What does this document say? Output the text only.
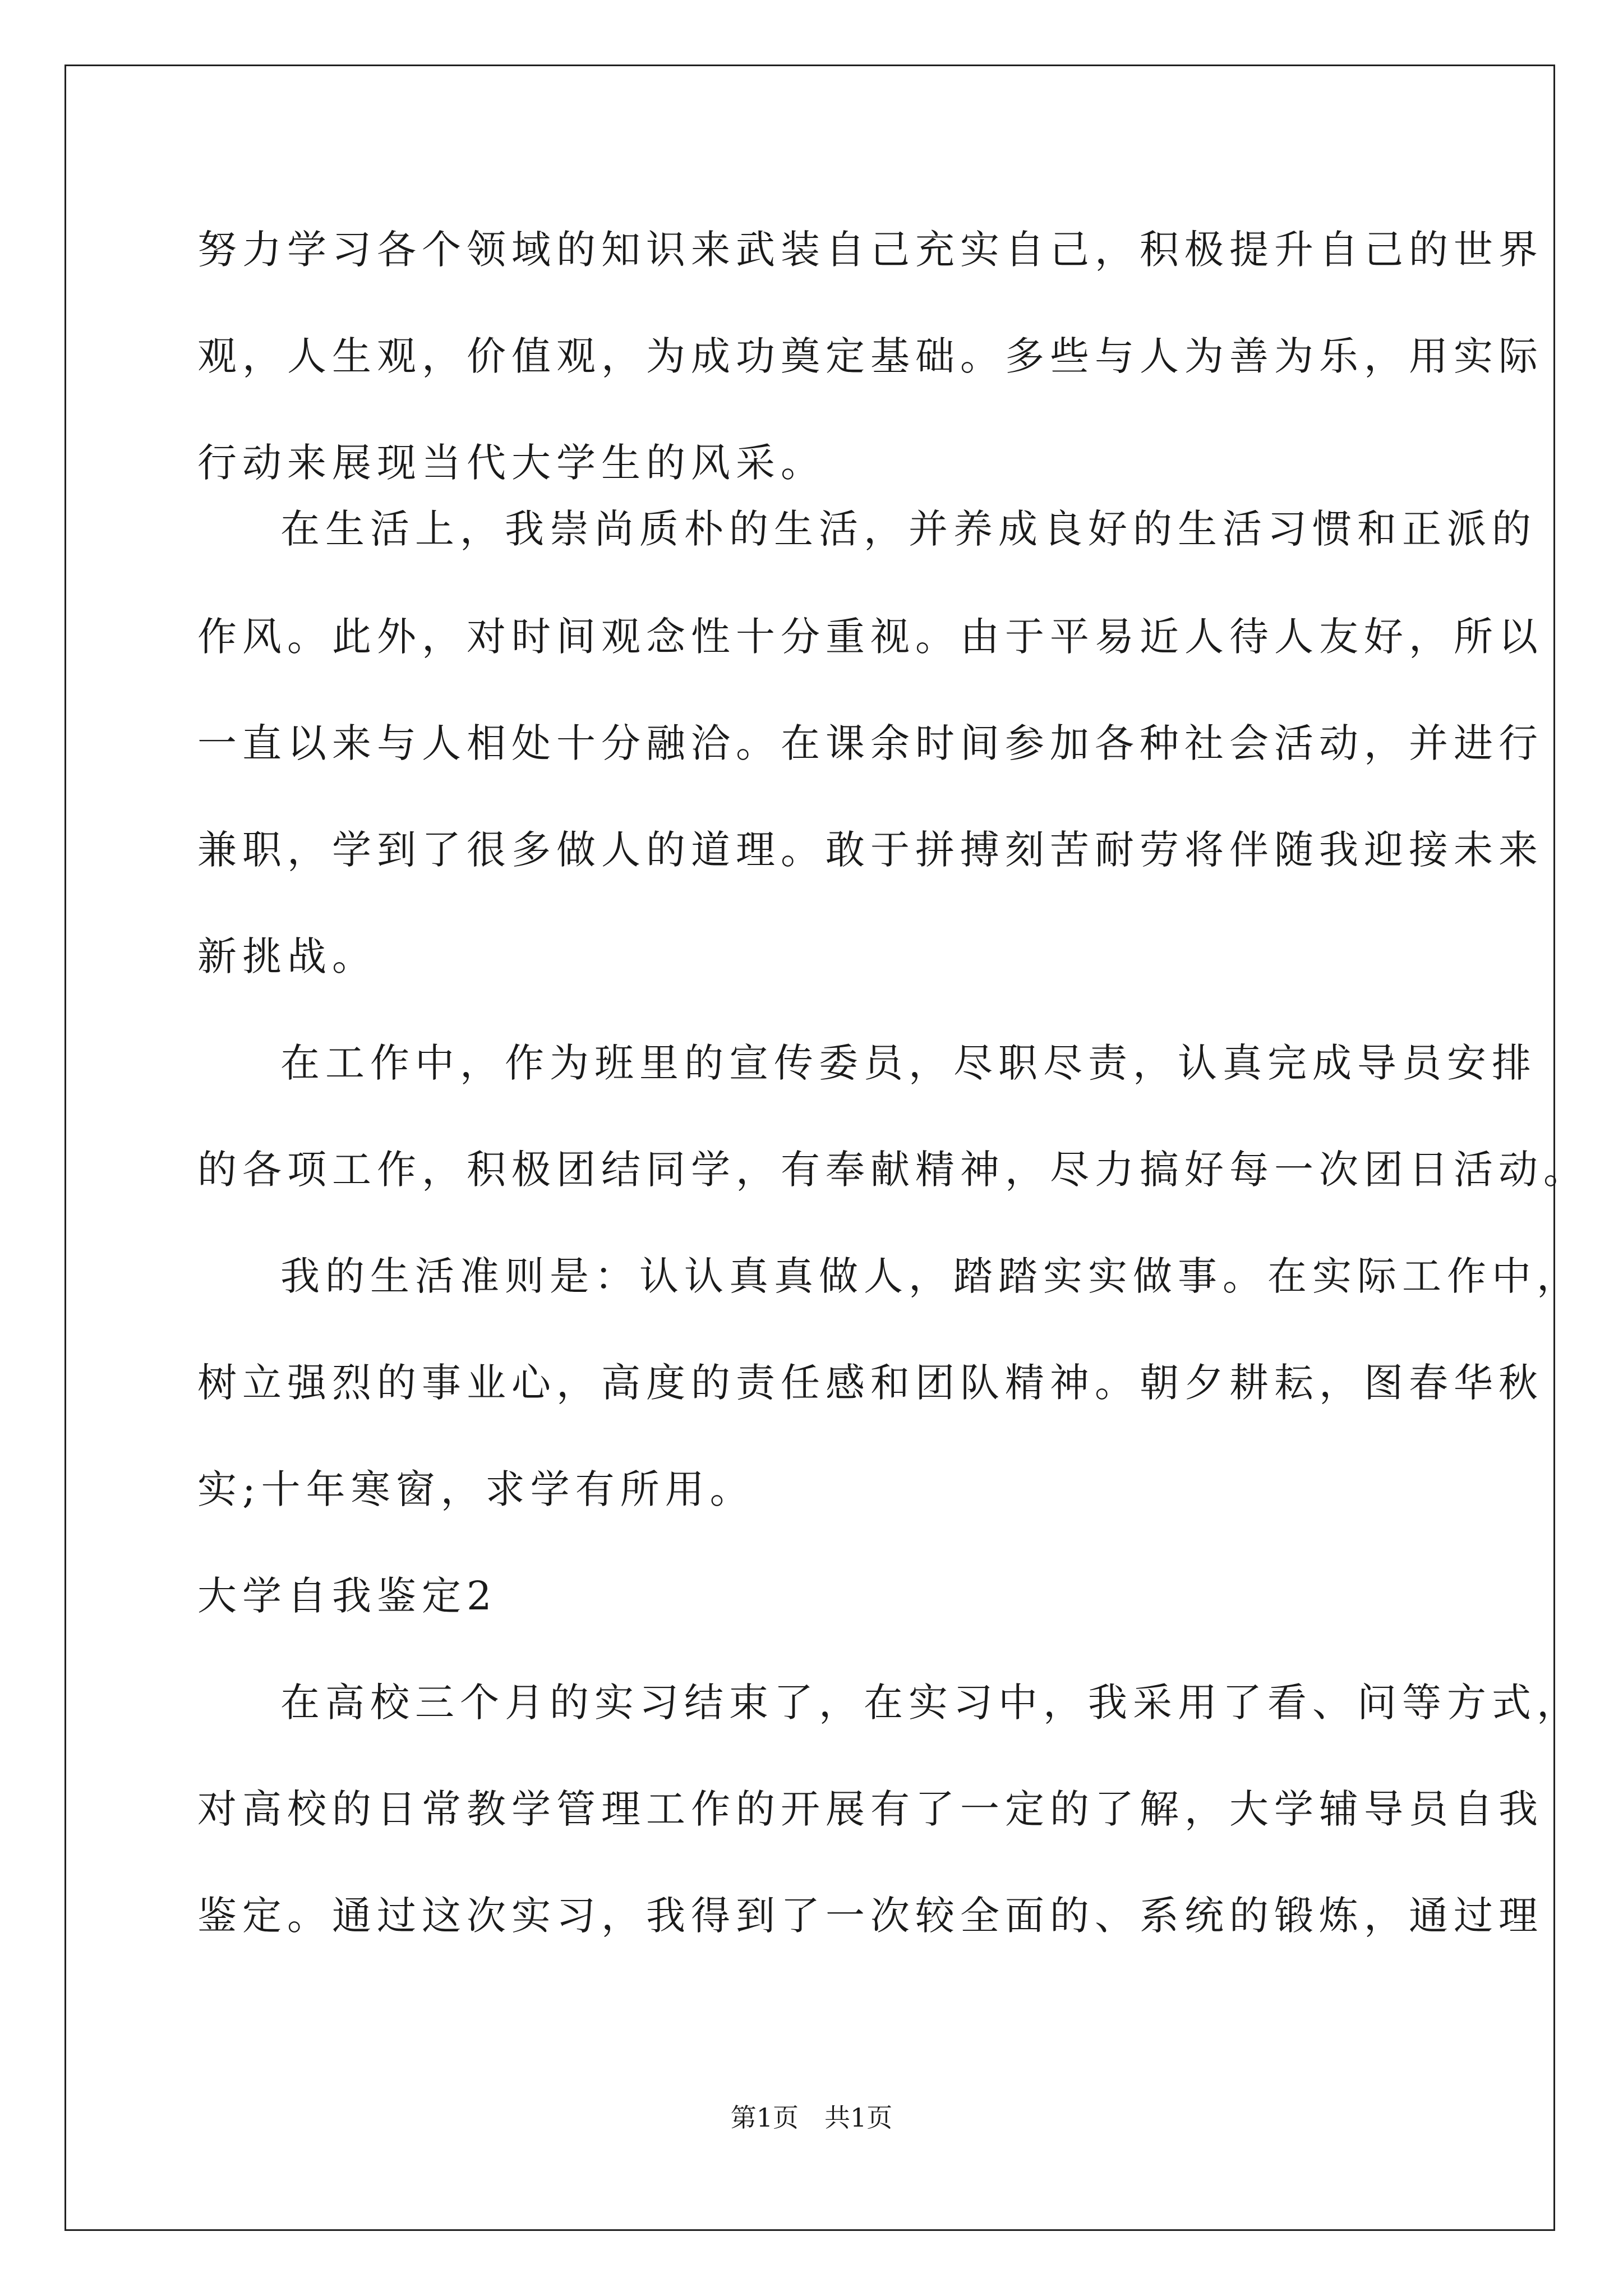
努力学习各个领域的知识来武装自己充实自己，积极提升自己的世界
观，人生观，价值观，为成功奠定基础。多些与人为善为乐，用实际
行动来展现当代大学生的风采。
在生活上，我崇尚质朴的生活，并养成良好的生活习惯和正派的
作风。此外，对时间观念性十分重视。由于平易近人待人友好，所以
一直以来与人相处十分融洽。在课余时间参加各种社会活动，并进行
兼职，学到了很多做人的道理。敢于拼搏刻苦耐劳将伴随我迎接未来
新挑战。
在工作中，作为班里的宣传委员，尽职尽责，认真完成导员安排
的各项工作，积极团结同学，有奉献精神，尽力搞好每一次团日活动。
我的生活准则是：认认真真做人，踏踏实实做事。在实际工作中，
树立强烈的事业心，高度的责任感和团队精神。朝夕耕耘，图春华秋
实;十年寒窗，求学有所用。
大学自我鉴定2
在高校三个月的实习结束了，在实习中，我采用了看、问等方式，
对高校的日常教学管理工作的开展有了一定的了解，大学辅导员自我
鉴定。通过这次实习，我得到了一次较全面的、系统的锻炼，通过理
第1页　共1页
